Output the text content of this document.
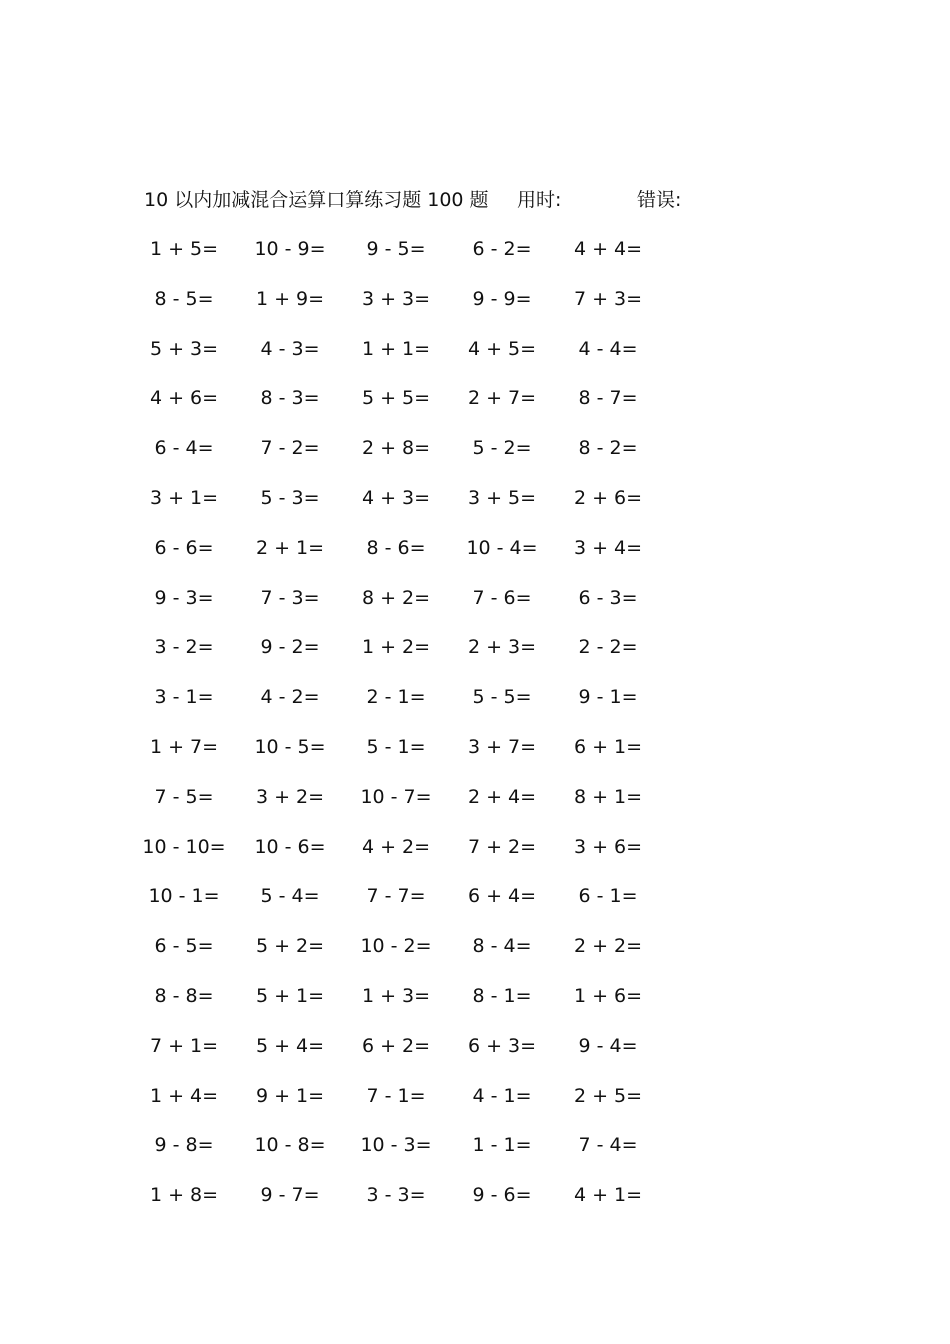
10 以内加减混合运算口算练习题 100 题 用时:	错误:
1 + 5=	10 - 9=	9 - 5=	6 - 2=	4 + 4=
8 - 5=	1 + 9=	3 + 3=	9 - 9=	7 + 3=
5 + 3=	4 - 3=	1 + 1=	4 + 5=	4 - 4=
4 + 6=	8 - 3=	5 + 5=	2 + 7=	8 - 7=
6 - 4=	7 - 2=	2 + 8=	5 - 2=	8 - 2=
3 + 1=	5 - 3=	4 + 3=	3 + 5=	2 + 6=
6 - 6=	2 + 1=	8 - 6=	10 - 4=	3 + 4=
9 - 3=	7 - 3=	8 + 2=	7 - 6=	6 - 3=
3 - 2=	9 - 2=	1 + 2=	2 + 3=	2 - 2=
3 - 1=	4 - 2=	2 - 1=	5 - 5=	9 - 1=
1 + 7=	10 - 5=	5 - 1=	3 + 7=	6 + 1=
7 - 5=	3 + 2=	10 - 7=	2 + 4=	8 + 1=
10 - 10=	10 - 6=	4 + 2=	7 + 2=	3 + 6=
10 - 1=	5 - 4=	7 - 7=	6 + 4=	6 - 1=
6 - 5=	5 + 2=	10 - 2=	8 - 4=	2 + 2=
8 - 8=	5 + 1=	1 + 3=	8 - 1=	1 + 6=
7 + 1=	5 + 4=	6 + 2=	6 + 3=	9 - 4=
1 + 4=	9 + 1=	7 - 1=	4 - 1=	2 + 5=
9 - 8=	10 - 8=	10 - 3=	1 - 1=	7 - 4=
1 + 8=	9 - 7=	3 - 3=	9 - 6=	4 + 1=
